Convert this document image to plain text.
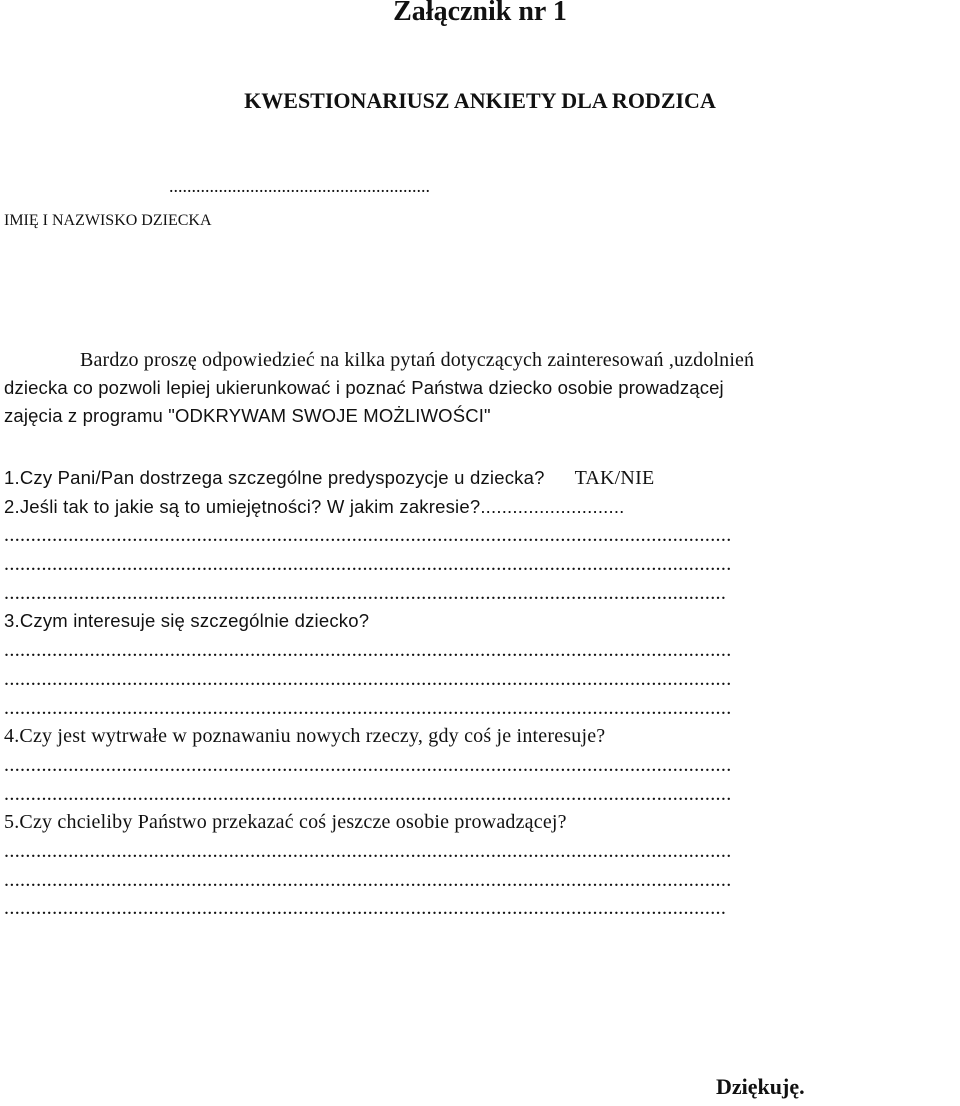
Załącznik nr 1
KWESTIONARIUSZ ANKIETY DLA RODZICA
..........................................................
IMIĘ I NAZWISKO DZIECKA
Bardzo proszę odpowiedzieć na kilka pytań dotyczących zainteresowań ,uzdolnień
dziecka co pozwoli lepiej ukierunkować i poznać Państwa dziecko osobie prowadzącej
zajęcia z programu "ODKRYWAM SWOJE MOŻLIWOŚCI"
1.Czy Pani/Pan dostrzega szczególne predyspozycje u dziecka? TAK/NIE
2.Jeśli tak to jakie są to umiejętności? W jakim zakresie?...........................
........................................................................................................................................
........................................................................................................................................
.......................................................................................................................................
3.Czym interesuje się szczególnie dziecko?
........................................................................................................................................
........................................................................................................................................
........................................................................................................................................
4.Czy jest wytrwałe w poznawaniu nowych rzeczy, gdy coś je interesuje?
........................................................................................................................................
........................................................................................................................................
5.Czy chcieliby Państwo przekazać coś jeszcze osobie prowadzącej?
........................................................................................................................................
........................................................................................................................................
.......................................................................................................................................
Dziękuję.
